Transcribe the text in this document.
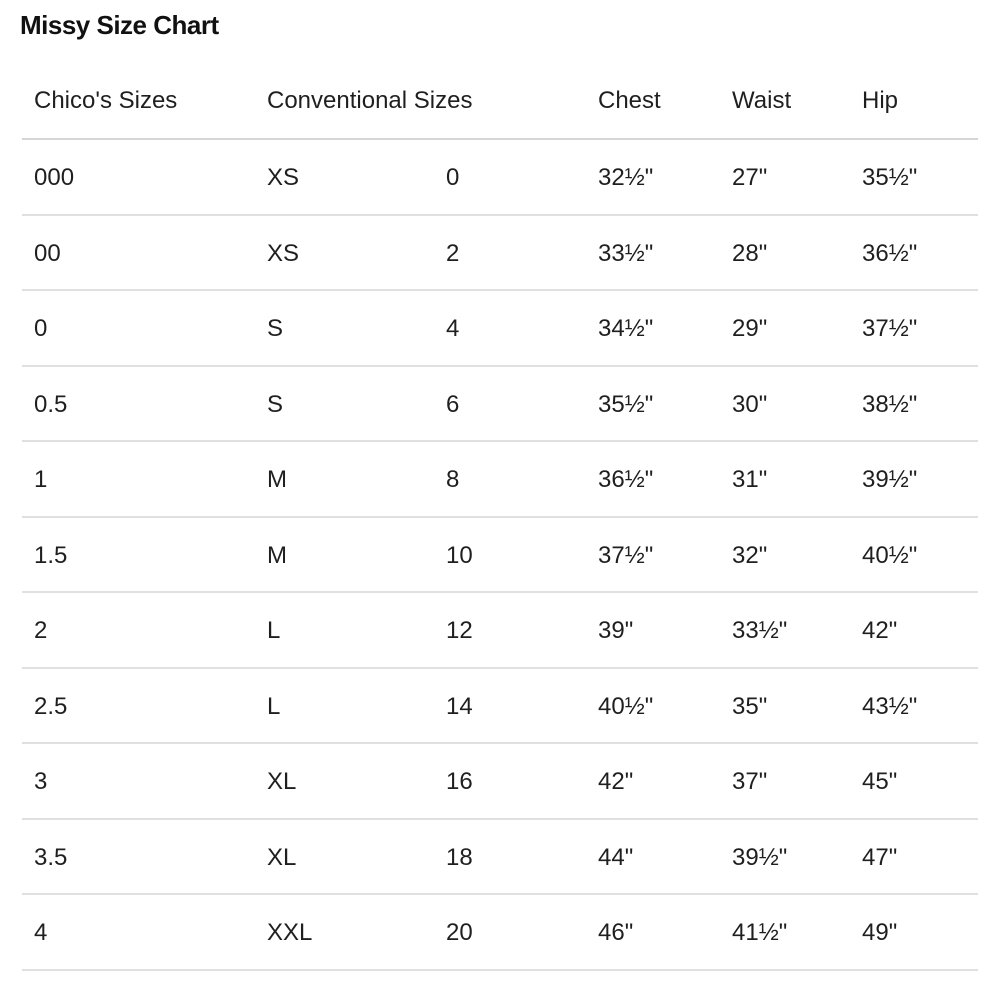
Missy Size Chart
Chico's Sizes	Conventional Sizes	Chest	Waist	Hip
000	XS	0	32½"	27"	35½"
00	XS	2	33½"	28"	36½"
0	S	4	34½"	29"	37½"
0.5	S	6	35½"	30"	38½"
1	M	8	36½"	31"	39½"
1.5	M	10	37½"	32"	40½"
2	L	12	39"	33½"	42"
2.5	L	14	40½"	35"	43½"
3	XL	16	42"	37"	45"
3.5	XL	18	44"	39½"	47"
4	XXL	20	46"	41½"	49"
